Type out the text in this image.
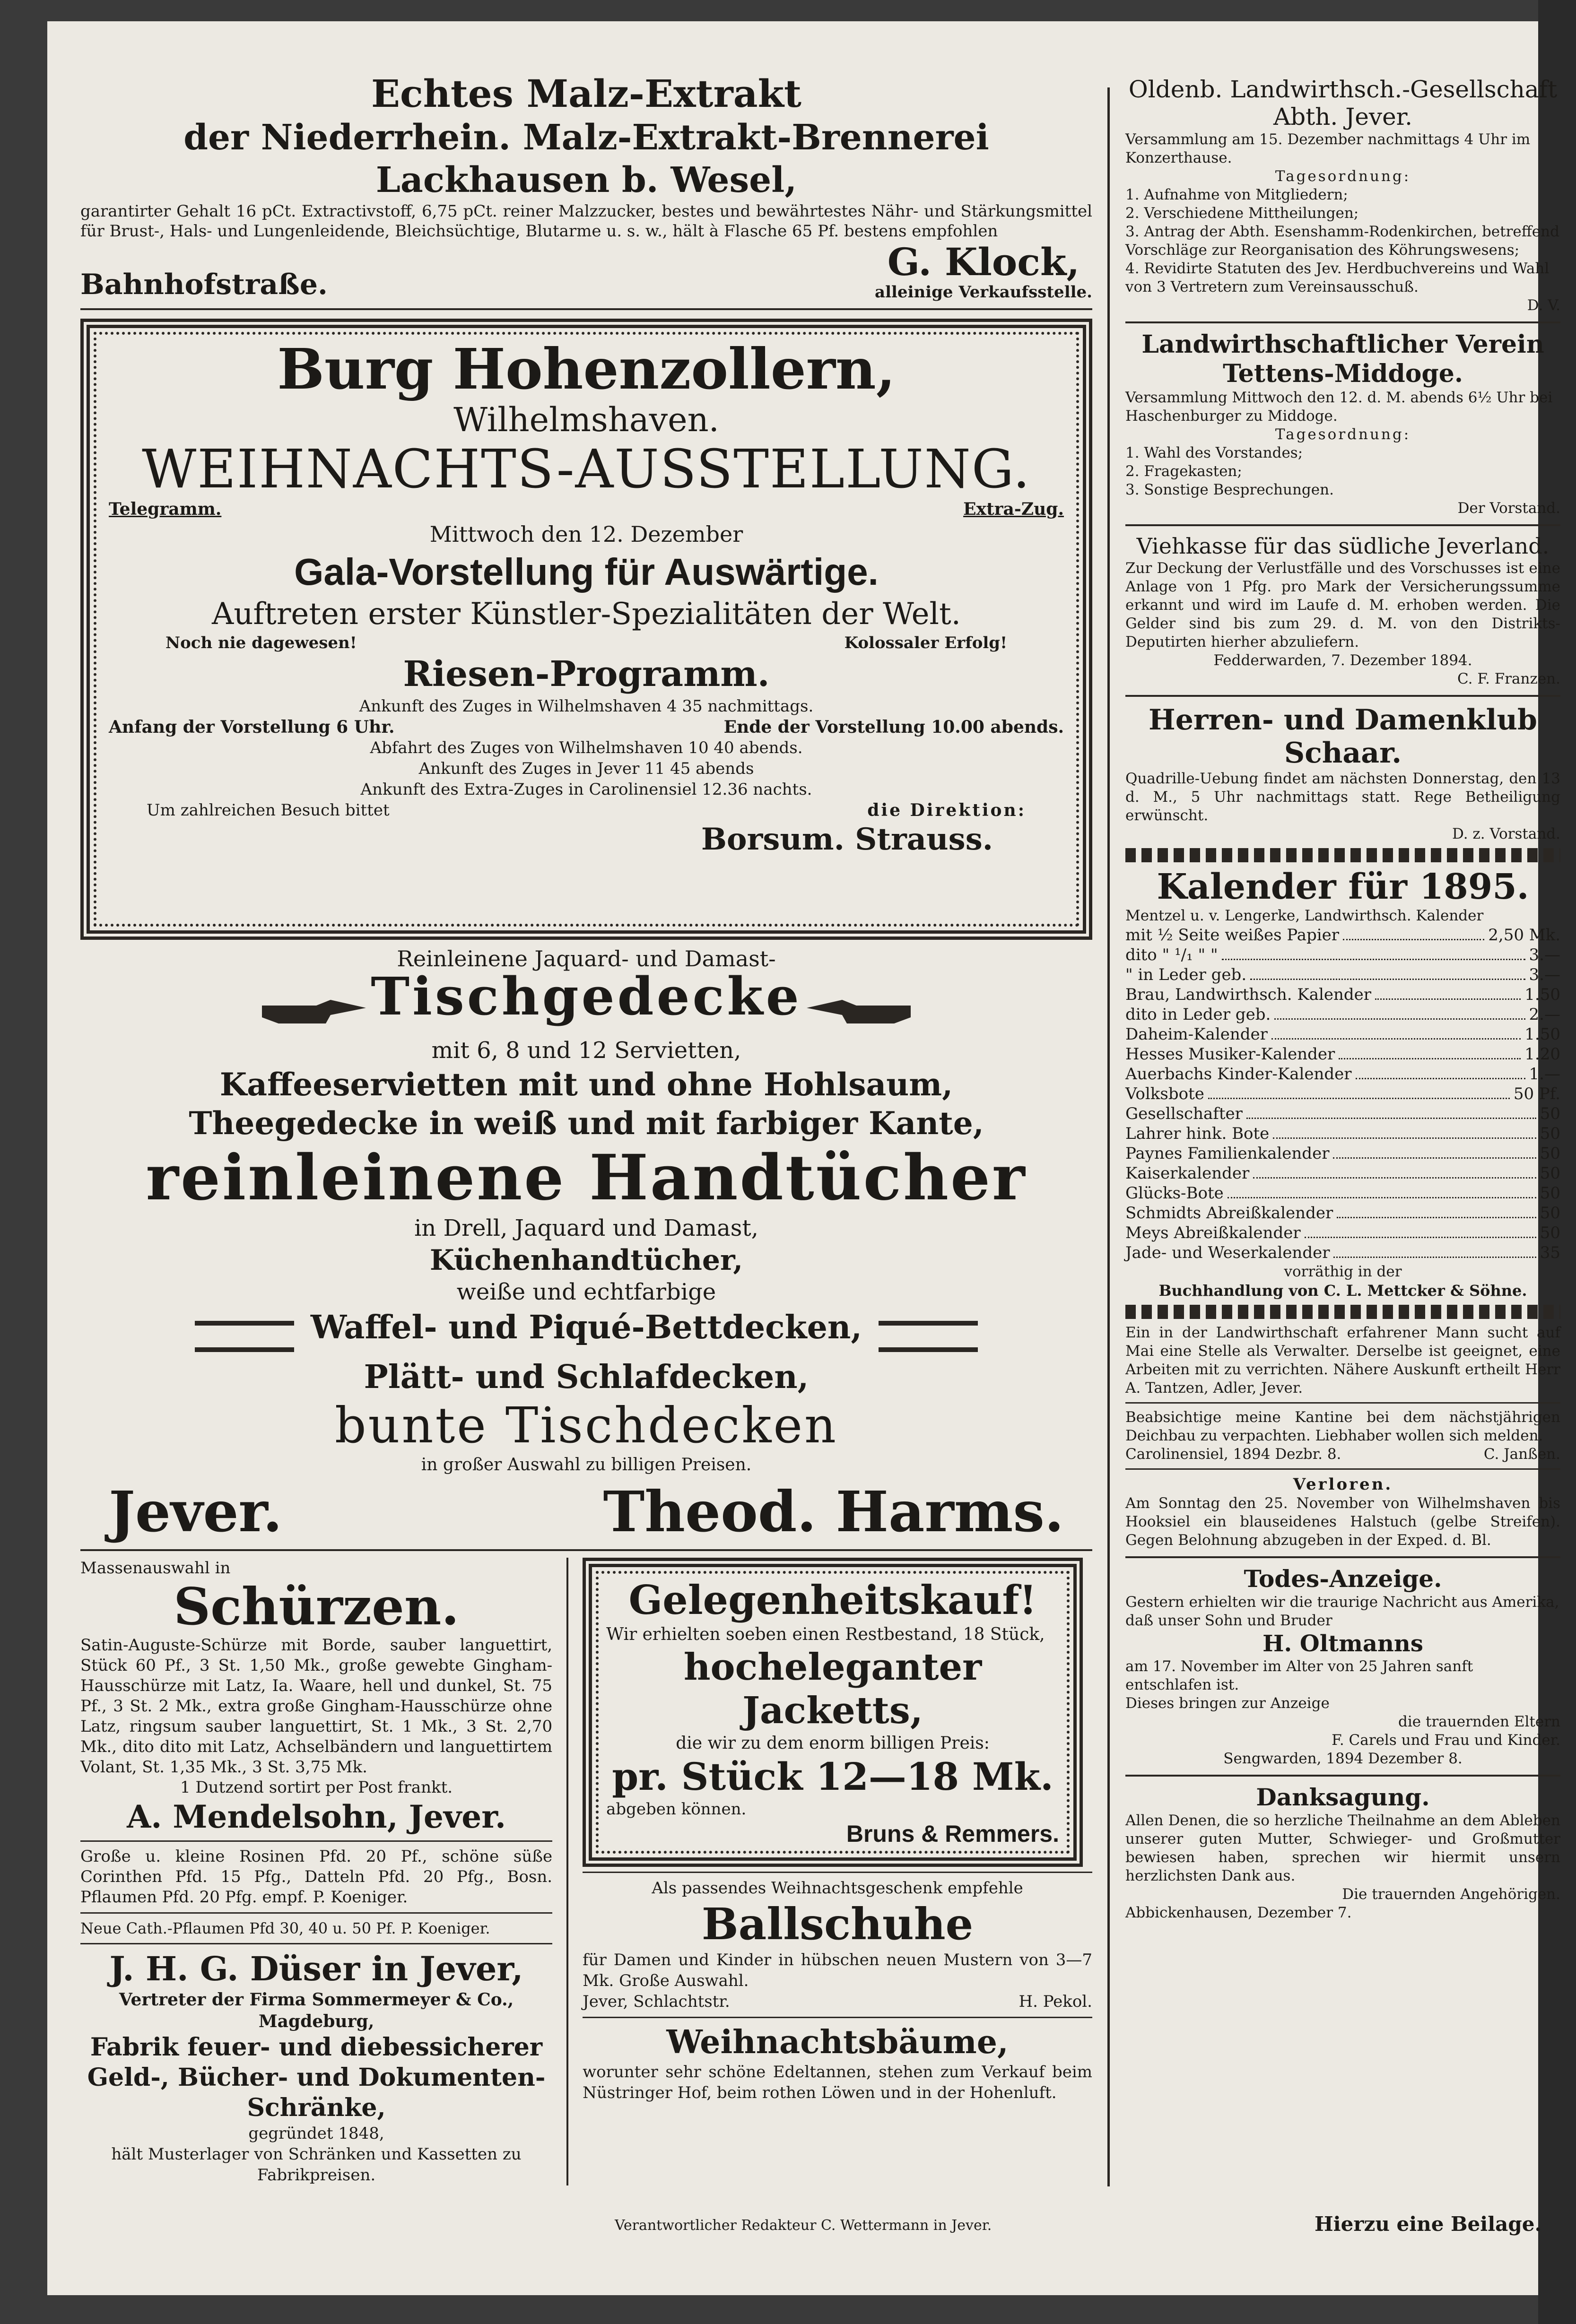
Echtes Malz-Extrakt

der Niederrhein. Malz-Extrakt-Brennerei Lackhausen b. Wesel,

garantirter Gehalt 16 pCt. Extractivstoff, 6,75 pCt. reiner Malzzucker, bestes und bewährtestes Nähr- und Stärkungsmittel für Brust-, Hals- und Lungenleidende, Bleichsüchtige, Blutarme u. s. w., hält à Flasche 65 Pf. bestens empfohlen

Bahnhofstraße.

G. Klock,

alleinige Verkaufsstelle.

Burg Hohenzollern,

Wilhelmshaven.

WEIHNACHTS-AUSSTELLUNG.

Telegramm.	Extra-Zug.

Mittwoch den 12. Dezember

Gala-Vorstellung für Auswärtige.

Auftreten erster Künstler-Spezialitäten der Welt.

Noch nie dagewesen!	Kolossaler Erfolg!

Riesen-Programm.

Ankunft des Zuges in Wilhelmshaven 4 35 nachmittags.

Anfang der Vorstellung 6 Uhr.	Ende der Vorstellung 10.00 abends.

Abfahrt des Zuges von Wilhelmshaven 10 40 abends.

Ankunft des Zuges in Jever 11 45 abends

Ankunft des Extra-Zuges in Carolinensiel 12.36 nachts.

Um zahlreichen Besuch bittet	die Direktion:

Borsum. Strauss.

Reinleinene Jaquard- und Damast-

Tischgedecke

mit 6, 8 und 12 Servietten,

Kaffeeservietten mit und ohne Hohlsaum,

Theegedecke in weiß und mit farbiger Kante,

reinleinene Handtücher

in Drell, Jaquard und Damast,

Küchenhandtücher,

weiße und echtfarbige

Waffel- und Piqué-Bettdecken,

Plätt- und Schlafdecken,

bunte Tischdecken

in großer Auswahl zu billigen Preisen.

Jever.	Theod. Harms.

Massenauswahl in

Schürzen.

Satin-Auguste-Schürze mit Borde, sauber languettirt, Stück 60 Pf., 3 St. 1,50 Mk., große gewebte Gingham-Hausschürze mit Latz, Ia. Waare, hell und dunkel, St. 75 Pf., 3 St. 2 Mk., extra große Gingham-Hausschürze ohne Latz, ringsum sauber languettirt, St. 1 Mk., 3 St. 2,70 Mk., dito dito mit Latz, Achselbändern und languettirtem Volant, St. 1,35 Mk., 3 St. 3,75 Mk.

1 Dutzend sortirt per Post frankt.

A. Mendelsohn, Jever.

Große u. kleine Rosinen Pfd. 20 Pf., schöne süße Corinthen Pfd. 15 Pfg., Datteln Pfd. 20 Pfg., Bosn. Pflaumen Pfd. 20 Pfg. empf. P. Koeniger.

Neue Cath.-Pflaumen Pfd 30, 40 u. 50 Pf. P. Koeniger.

J. H. G. Düser in Jever,

Vertreter der Firma Sommermeyer & Co., Magdeburg,

Fabrik feuer- und diebessicherer Geld-, Bücher- und Dokumenten-Schränke,

gegründet 1848,

hält Musterlager von Schränken und Kassetten zu Fabrikpreisen.

Gelegenheitskauf!

Wir erhielten soeben einen Restbestand, 18 Stück,

hocheleganter Jacketts,

die wir zu dem enorm billigen Preis:

pr. Stück 12—18 Mk.

abgeben können.

Bruns & Remmers.

Als passendes Weihnachtsgeschenk empfehle

Ballschuhe

für Damen und Kinder in hübschen neuen Mustern von 3—7 Mk. Große Auswahl.

Jever, Schlachtstr.	H. Pekol.

Weihnachtsbäume,

worunter sehr schöne Edeltannen, stehen zum Verkauf beim Nüstringer Hof, beim rothen Löwen und in der Hohenluft.

Oldenb. Landwirthsch.-Gesellschaft Abth. Jever.

Versammlung am 15. Dezember nachmittags 4 Uhr im Konzerthause.

Tagesordnung:

1. Aufnahme von Mitgliedern;

2. Verschiedene Mittheilungen;

3. Antrag der Abth. Esenshamm-Rodenkirchen, betreffend Vorschläge zur Reorganisation des Köhrungswesens;

4. Revidirte Statuten des Jev. Herdbuchvereins und Wahl von 3 Vertretern zum Vereinsausschuß.

D. V.

Landwirthschaftlicher Verein Tettens-Middoge.

Versammlung Mittwoch den 12. d. M. abends 6½ Uhr bei Haschenburger zu Middoge.

Tagesordnung:

1. Wahl des Vorstandes;

2. Fragekasten;

3. Sonstige Besprechungen.

Der Vorstand.

Viehkasse für das südliche Jeverland.

Zur Deckung der Verlustfälle und des Vorschusses ist eine Anlage von 1 Pfg. pro Mark der Versicherungssumme erkannt und wird im Laufe d. M. erhoben werden. Die Gelder sind bis zum 29. d. M. von den Distrikts-Deputirten hierher abzuliefern.

Fedderwarden, 7. Dezember 1894.

C. F. Franzen.

Herren- und Damenklub Schaar.

Quadrille-Uebung findet am nächsten Donnerstag, den 13 d. M., 5 Uhr nachmittags statt. Rege Betheiligung erwünscht.

D. z. Vorstand.

Kalender für 1895.

Mentzel u. v. Lengerke, Landwirthsch. Kalender

mit ½ Seite weißes Papier	2,50 Mk.
dito " ¹/₁ " "	3.—
" in Leder geb.	3.—
Brau, Landwirthsch. Kalender	1.50
dito in Leder geb.	2.—
Daheim-Kalender	1.50
Hesses Musiker-Kalender	1.20
Auerbachs Kinder-Kalender	1.—
Volksbote	50 Pf.
Gesellschafter	50
Lahrer hink. Bote	50
Paynes Familienkalender	50
Kaiserkalender	50
Glücks-Bote	50
Schmidts Abreißkalender	50
Meys Abreißkalender	50
Jade- und Weserkalender	35

vorräthig in der

Buchhandlung von C. L. Mettcker & Söhne.

Ein in der Landwirthschaft erfahrener Mann sucht auf Mai eine Stelle als Verwalter. Derselbe ist geeignet, eine Arbeiten mit zu verrichten. Nähere Auskunft ertheilt Herr A. Tantzen, Adler, Jever.

Beabsichtige meine Kantine bei dem nächstjährigen Deichbau zu verpachten. Liebhaber wollen sich melden.

Carolinensiel, 1894 Dezbr. 8.	C. Janßen.

Verloren.

Am Sonntag den 25. November von Wilhelmshaven bis Hooksiel ein blauseidenes Halstuch (gelbe Streifen). Gegen Belohnung abzugeben in der Exped. d. Bl.

Todes-Anzeige.

Gestern erhielten wir die traurige Nachricht aus Amerika, daß unser Sohn und Bruder

H. Oltmanns

am 17. November im Alter von 25 Jahren sanft entschlafen ist.

Dieses bringen zur Anzeige

die trauernden Eltern

F. Carels und Frau und Kinder.

Sengwarden, 1894 Dezember 8.

Danksagung.

Allen Denen, die so herzliche Theilnahme an dem Ableben unserer guten Mutter, Schwieger- und Großmutter bewiesen haben, sprechen wir hiermit unsern herzlichsten Dank aus.

Die trauernden Angehörigen.

Abbickenhausen, Dezember 7.

Verantwortlicher Redakteur C. Wettermann in Jever.	Hierzu eine Beilage.
